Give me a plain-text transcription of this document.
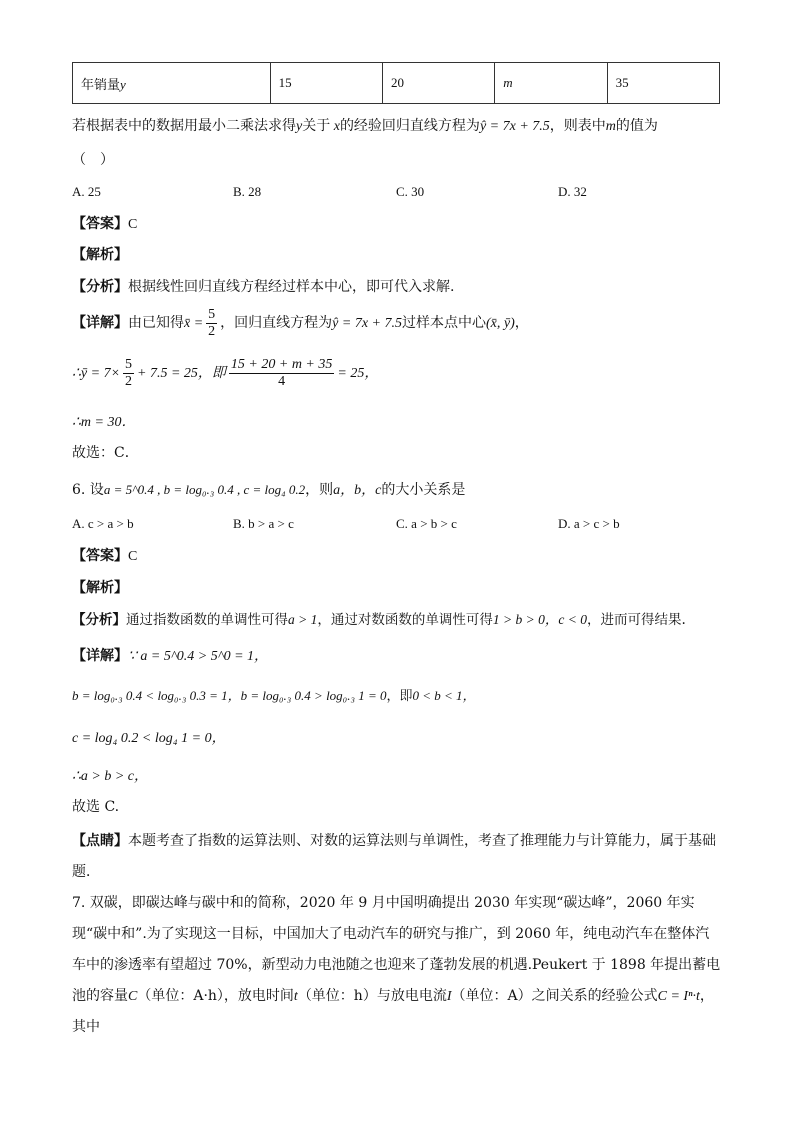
年销量y	15	20	m	35
若根据表中的数据用最小二乘法求得y关于 x的经验回归直线方程为ŷ = 7x + 7.5，则表中m的值为
（　）
A. 25	B. 28	C. 30	D. 32
【答案】C
【解析】
【分析】根据线性回归直线方程经过样本中心，即可代入求解.
【详解】由已知得x̄ = $\frac{5}{2}$ ，回归直线方程为ŷ = 7x + 7.5过样本点中心(x̄, ȳ)，
∴ȳ = $7\times \frac{5}{2} + 7.5 = 25$，即 $\frac{15 + 20 + m + 35}{4} = 25$，
∴m = 30．
故选：C．
6. 设a = 5^0.4 , b = log₀.₃ 0.4 , c = log₄ 0.2，则a，b，c的大小关系是
A. c > a > b	B. b > a > c	C. a > b > c	D. a > c > b
【答案】C
【解析】
【分析】通过指数函数的单调性可得a > 1，通过对数函数的单调性可得1 > b > 0，c < 0，进而可得结果.
【详解】∵ a = 5^0.4 > 5^0 = 1，
b = log₀.₃ 0.4 < log₀.₃ 0.3 = 1，b = log₀.₃ 0.4 > log₀.₃ 1 = 0，即0 < b < 1，
c = log₄ 0.2 < log₄ 1 = 0，
∴a > b > c，
故选 C.
【点睛】本题考查了指数的运算法则、对数的运算法则与单调性，考查了推理能力与计算能力，属于基础题．
7. 双碳，即碳达峰与碳中和的简称，2020 年 9 月中国明确提出 2030 年实现“碳达峰”，2060 年实现“碳中和”.为了实现这一目标，中国加大了电动汽车的研究与推广，到 2060 年，纯电动汽车在整体汽车中的渗透率有望超过 70%，新型动力电池随之也迎来了蓬勃发展的机遇.Peukert 于 1898 年提出蓄电池的容量C（单位：A·h），放电时间t（单位：h）与放电电流I（单位：A）之间关系的经验公式C = Iⁿ·t，其中
